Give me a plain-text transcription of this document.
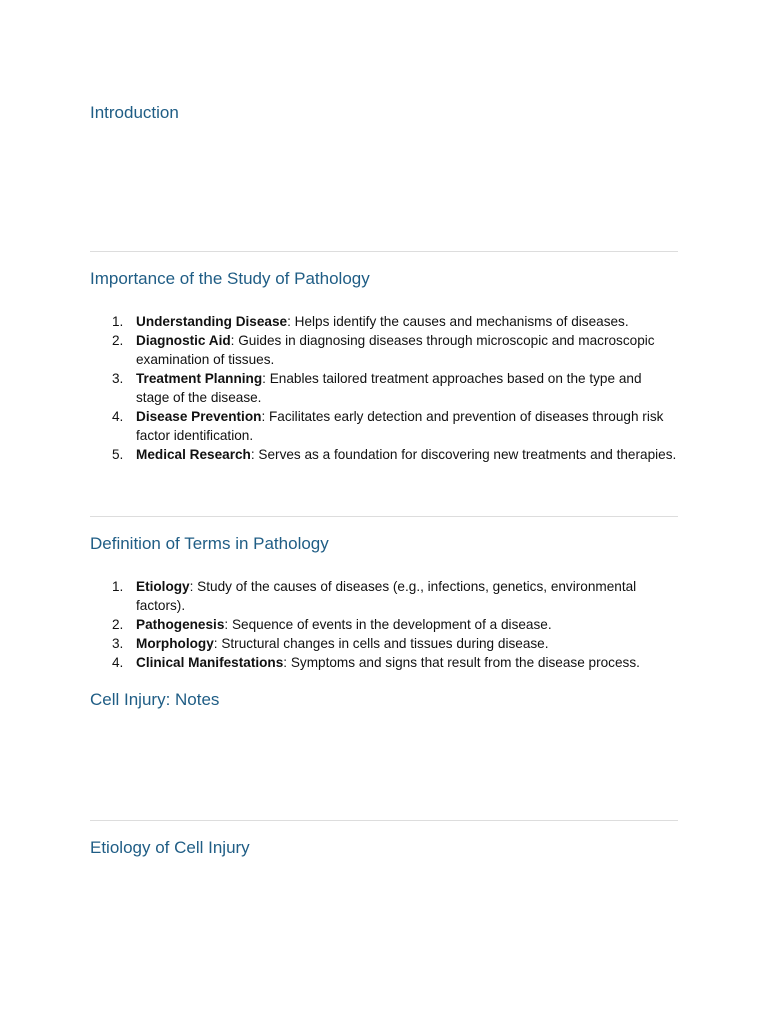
Introduction
Importance of the Study of Pathology
1. Understanding Disease: Helps identify the causes and mechanisms of diseases.
2. Diagnostic Aid: Guides in diagnosing diseases through microscopic and macroscopic examination of tissues.
3. Treatment Planning: Enables tailored treatment approaches based on the type and stage of the disease.
4. Disease Prevention: Facilitates early detection and prevention of diseases through risk factor identification.
5. Medical Research: Serves as a foundation for discovering new treatments and therapies.
Definition of Terms in Pathology
1. Etiology: Study of the causes of diseases (e.g., infections, genetics, environmental factors).
2. Pathogenesis: Sequence of events in the development of a disease.
3. Morphology: Structural changes in cells and tissues during disease.
4. Clinical Manifestations: Symptoms and signs that result from the disease process.
Cell Injury: Notes
Etiology of Cell Injury
